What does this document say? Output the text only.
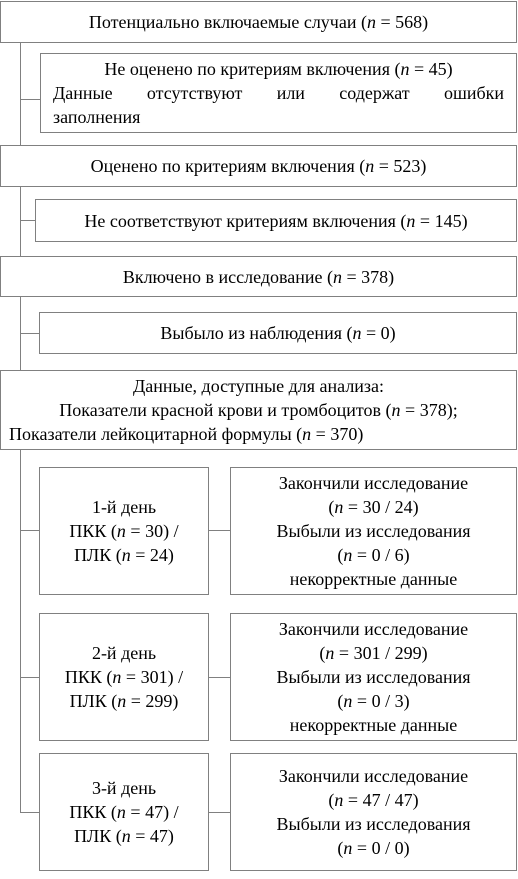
Потенциально включаемые случаи (n = 568)
Не оценено по критериям включения (n = 45)
Данные отсутствуют или содержат ошибки
заполнения
Оценено по критериям включения (n = 523)
Не соответствуют критериям включения (n = 145)
Включено в исследование (n = 378)
Выбыло из наблюдения (n = 0)
Данные, доступные для анализа:
Показатели красной крови и тромбоцитов (n = 378);
Показатели лейкоцитарной формулы (n = 370)
1-й день
ПКК (n = 30) /
ПЛК (n = 24)
Закончили исследование
(n = 30 / 24)
Выбыли из исследования
(n = 0 / 6)
некорректные данные
2-й день
ПКК (n = 301) /
ПЛК (n = 299)
Закончили исследование
(n = 301 / 299)
Выбыли из исследования
(n = 0 / 3)
некорректные данные
3-й день
ПКК (n = 47) /
ПЛК (n = 47)
Закончили исследование
(n = 47 / 47)
Выбыли из исследования
(n = 0 / 0)
